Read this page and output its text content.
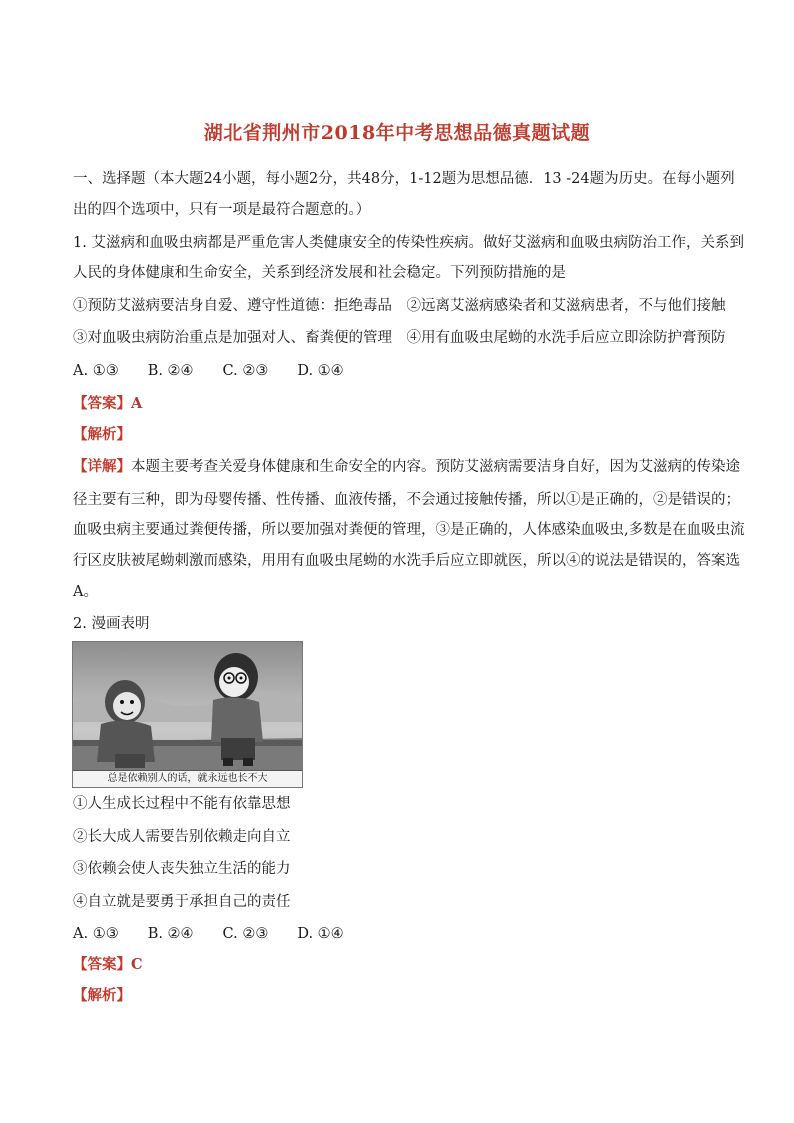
湖北省荆州市2018年中考思想品德真题试题
一、选择题（本大题24小题，每小题2分，共48分，1-12题为思想品德．13 -24题为历史。在每小题列
出的四个选项中，只有一项是最符合题意的。）
1. 艾滋病和血吸虫病都是严重危害人类健康安全的传染性疾病。做好艾滋病和血吸虫病防治工作，关系到
人民的身体健康和生命安全，关系到经济发展和社会稳定。下列预防措施的是
①预防艾滋病要洁身自爱、遵守性道德：拒绝毒品　②远离艾滋病感染者和艾滋病患者，不与他们接触
③对血吸虫病防治重点是加强对人、畜粪便的管理　④用有血吸虫尾蚴的水洗手后应立即涂防护膏预防
A. ①③　　B. ②④　　C. ②③　　D. ①④
【答案】A
【解析】
【详解】本题主要考查关爱身体健康和生命安全的内容。预防艾滋病需要洁身自好，因为艾滋病的传染途
径主要有三种，即为母婴传播、性传播、血液传播，不会通过接触传播，所以①是正确的，②是错误的；
血吸虫病主要通过粪便传播，所以要加强对粪便的管理，③是正确的，人体感染血吸虫,多数是在血吸虫流
行区皮肤被尾蚴刺激而感染，用用有血吸虫尾蚴的水洗手后应立即就医，所以④的说法是错误的，答案选
A。
2. 漫画表明
总是依赖别人的话，就永远也长不大
①人生成长过程中不能有依靠思想
②长大成人需要告别依赖走向自立
③依赖会使人丧失独立生活的能力
④自立就是要勇于承担自己的责任
A. ①③　　B. ②④　　C. ②③　　D. ①④
【答案】C
【解析】
